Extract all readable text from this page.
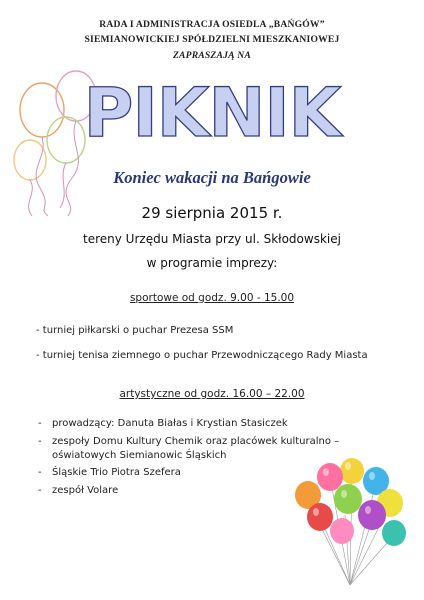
RADA I ADMINISTRACJA OSIEDLA „BAŃGÓW”
SIEMIANOWICKIEJ SPÓŁDZIELNI MIESZKANIOWEJ
ZAPRASZAJĄ NA
PIKNIK
Koniec wakacji na Bańgowie
29 sierpnia 2015 r.
tereny Urzędu Miasta przy ul. Skłodowskiej
w programie imprezy:
sportowe od godz. 9.00 - 15.00
- turniej piłkarski o puchar Prezesa SSM
- turniej tenisa ziemnego o puchar Przewodniczącego Rady Miasta
artystyczne od godz. 16.00 – 22.00
- prowadzący: Danuta Białas i Krystian Stasiczek
- zespoły Domu Kultury Chemik oraz placówek kulturalno –
oświatowych Siemianowic Śląskich
- Śląskie Trio Piotra Szefera
- zespół Volare
